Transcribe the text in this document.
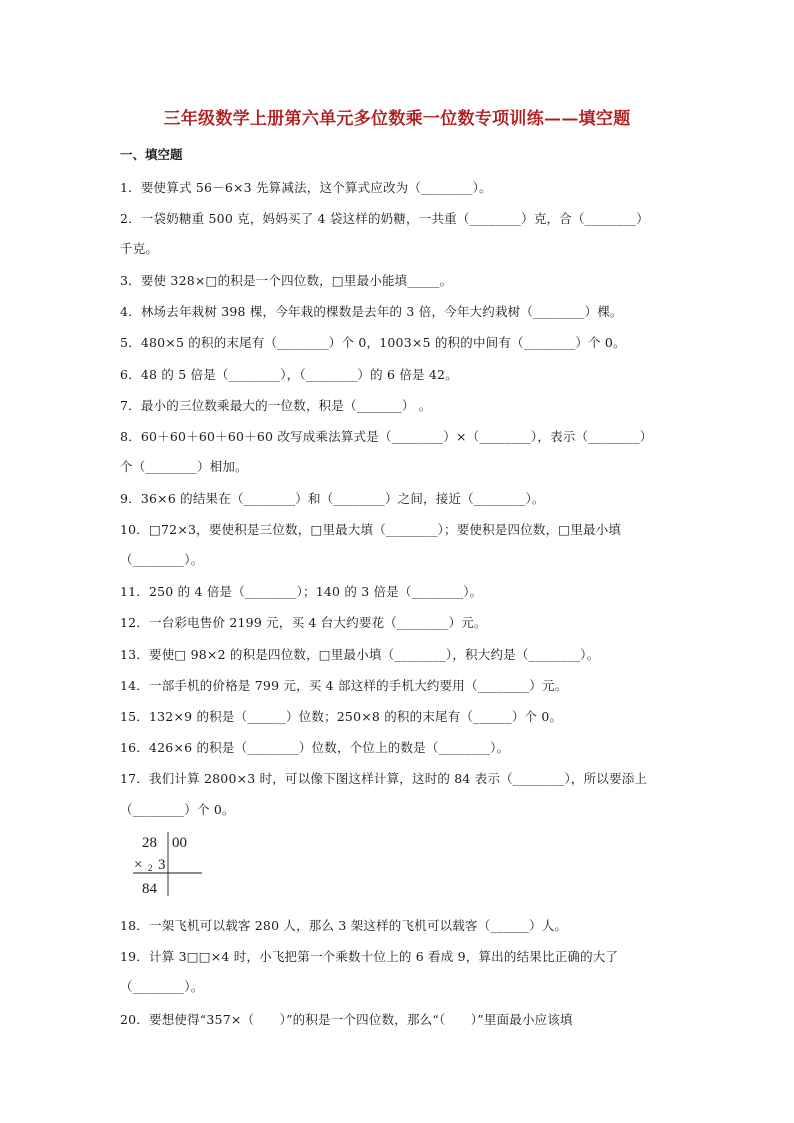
三年级数学上册第六单元多位数乘一位数专项训练——填空题
一、填空题
1．要使算式 56－6×3 先算减法，这个算式应改为（________）。
2．一袋奶糖重 500 克，妈妈买了 4 袋这样的奶糖，一共重（________）克，合（________）
千克。
3．要使 328×□的积是一个四位数，□里最小能填_____。
4．林场去年栽树 398 棵，今年栽的棵数是去年的 3 倍，今年大约栽树（________）棵。
5．480×5 的积的末尾有（________）个 0，1003×5 的积的中间有（________）个 0。
6．48 的 5 倍是（________），（________）的 6 倍是 42。
7．最小的三位数乘最大的一位数，积是（_______） 。
8．60＋60＋60＋60＋60 改写成乘法算式是（________）×（________），表示（________）
个（________）相加。
9．36×6 的结果在（________）和（________）之间，接近（________）。
10．□72×3，要使积是三位数，□里最大填（________）；要使积是四位数，□里最小填
（________）。
11．250 的 4 倍是（________）；140 的 3 倍是（________）。
12．一台彩电售价 2199 元，买 4 台大约要花（________）元。
13．要使□ 98×2 的积是四位数，□里最小填（________），积大约是（________）。
14．一部手机的价格是 799 元，买 4 部这样的手机大约要用（________）元。
15．132×9 的积是（______）位数；250×8 的积的末尾有（______）个 0。
16．426×6 的积是（________）位数，个位上的数是（________）。
17．我们计算 2800×3 时，可以像下图这样计算，这时的 84 表示（________），所以要添上
（________）个 0。
28 00
× 2 3
84
18．一架飞机可以载客 280 人，那么 3 架这样的飞机可以载客（______）人。
19．计算 3□□×4 时，小飞把第一个乘数十位上的 6 看成 9，算出的结果比正确的大了
（________）。
20．要想使得“357×（　　）”的积是一个四位数，那么“（　　）”里面最小应该填
